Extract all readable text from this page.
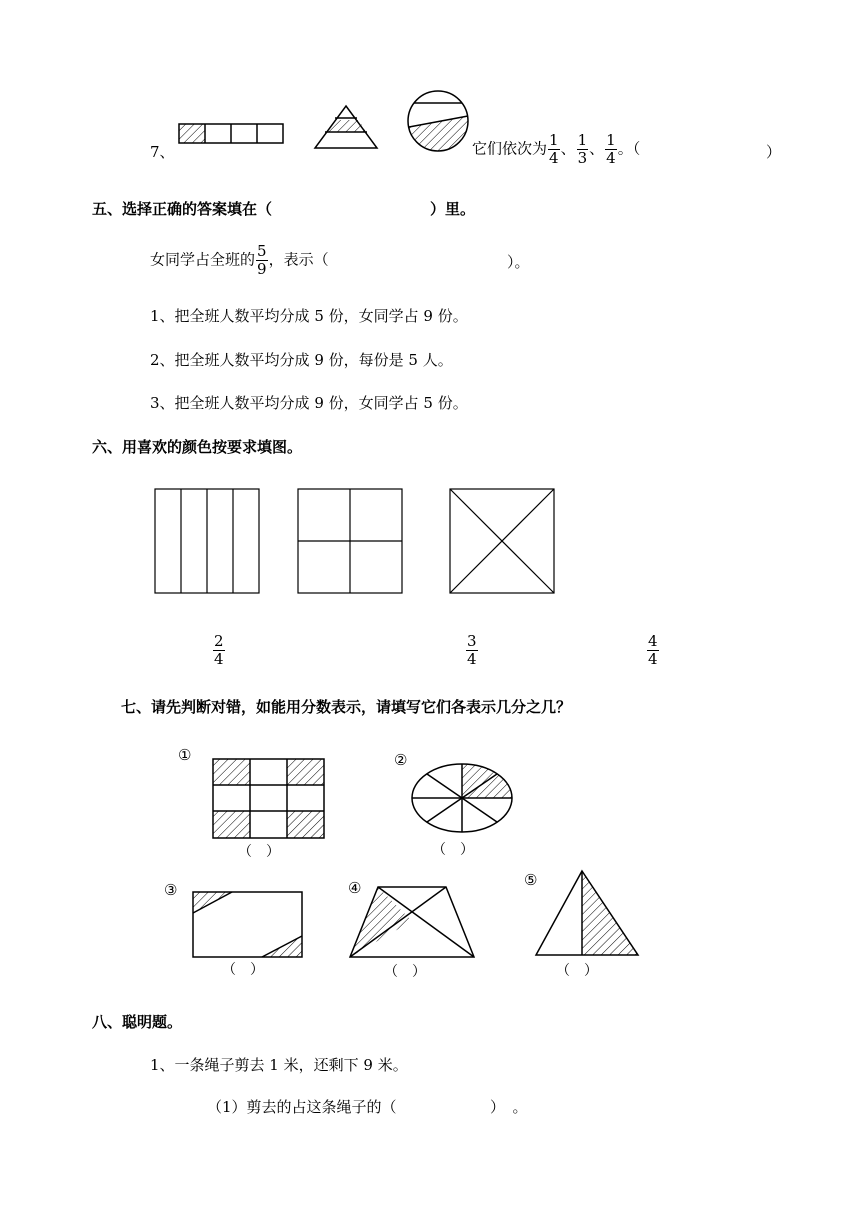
7、	它们依次为 $\frac{1}{4}$ 、 $\frac{1}{3}$ 、 $\frac{1}{4}$ 。（	）
五、选择正确的答案填在（	）里。
女同学占全班的 $\frac{5}{9}$ ，表示（	）。
1、把全班人数平均分成 5 份，女同学占 9 份。
2、把全班人数平均分成 9 份，每份是 5 人。
3、把全班人数平均分成 9 份，女同学占 5 份。
六、用喜欢的颜色按要求填图。
$\frac{2}{4}$	$\frac{3}{4}$	$\frac{4}{4}$
七、请先判断对错，如能用分数表示，请填写它们各表示几分之几？
①
（　）
②
（　）
③
（　）
④
（　）
⑤
（　）
八、聪明题。
1、一条绳子剪去 1 米，还剩下 9 米。
（1）剪去的占这条绳子的（	）　。
